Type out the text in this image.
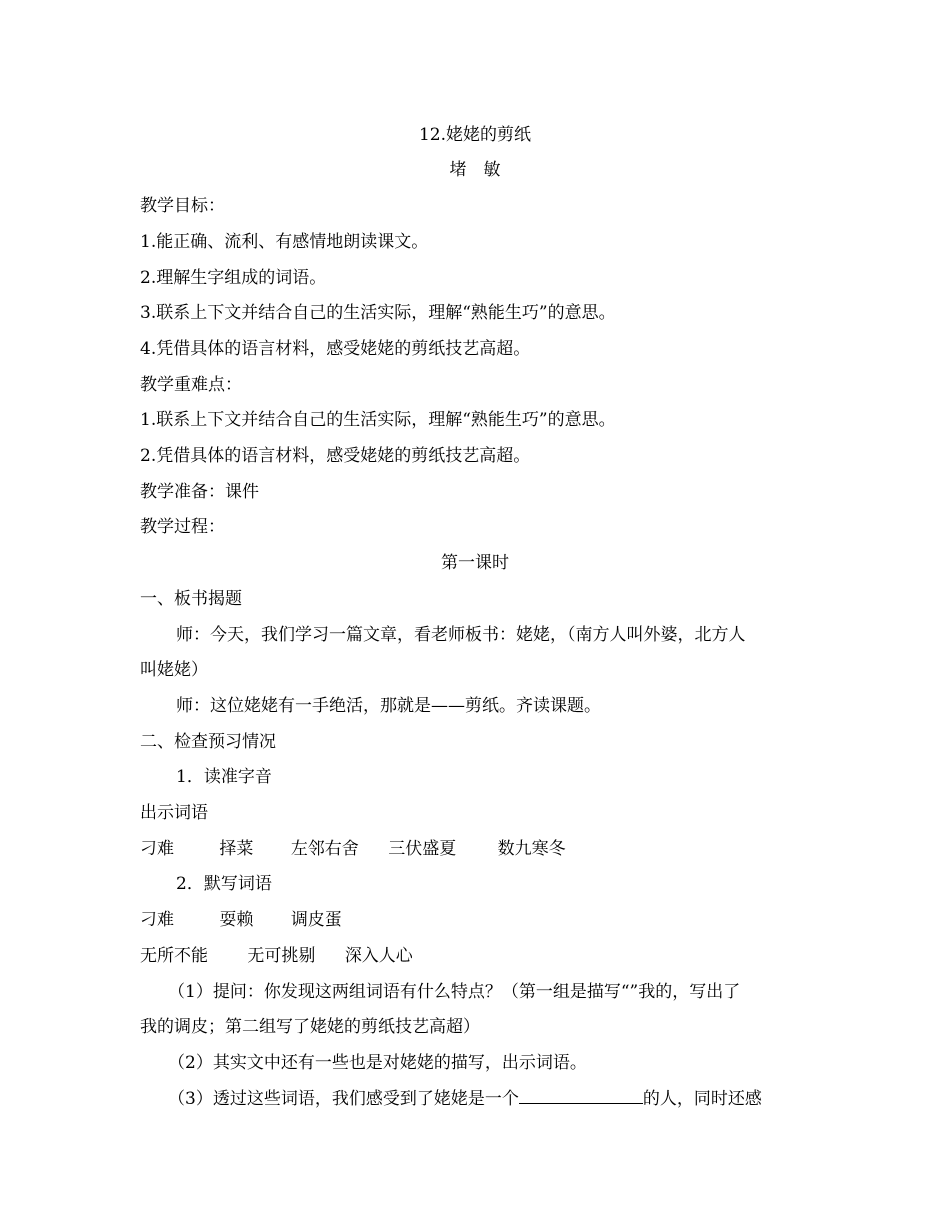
12.姥姥的剪纸
堵　敏
教学目标：
1.能正确、流利、有感情地朗读课文。
2.理解生字组成的词语。
3.联系上下文并结合自己的生活实际，理解“熟能生巧”的意思。
4.凭借具体的语言材料，感受姥姥的剪纸技艺高超。
教学重难点：
1.联系上下文并结合自己的生活实际，理解“熟能生巧”的意思。
2.凭借具体的语言材料，感受姥姥的剪纸技艺高超。
教学准备：课件
教学过程：
第一课时
一、板书揭题
师：今天，我们学习一篇文章，看老师板书：姥姥，（南方人叫外婆，北方人
叫姥姥）
师：这位姥姥有一手绝活，那就是——剪纸。齐读课题。
二、检查预习情况
1．读准字音
出示词语
刁难	择菜 左邻右舍 三伏盛夏 数九寒冬
2．默写词语
刁难	耍赖 调皮蛋
无所不能 无可挑剔 深入人心
（1）提问：你发现这两组词语有什么特点？（第一组是描写“”我的，写出了
我的调皮；第二组写了姥姥的剪纸技艺高超）
（2）其实文中还有一些也是对姥姥的描写，出示词语。
（3）透过这些词语，我们感受到了姥姥是一个	的人，同时还感
